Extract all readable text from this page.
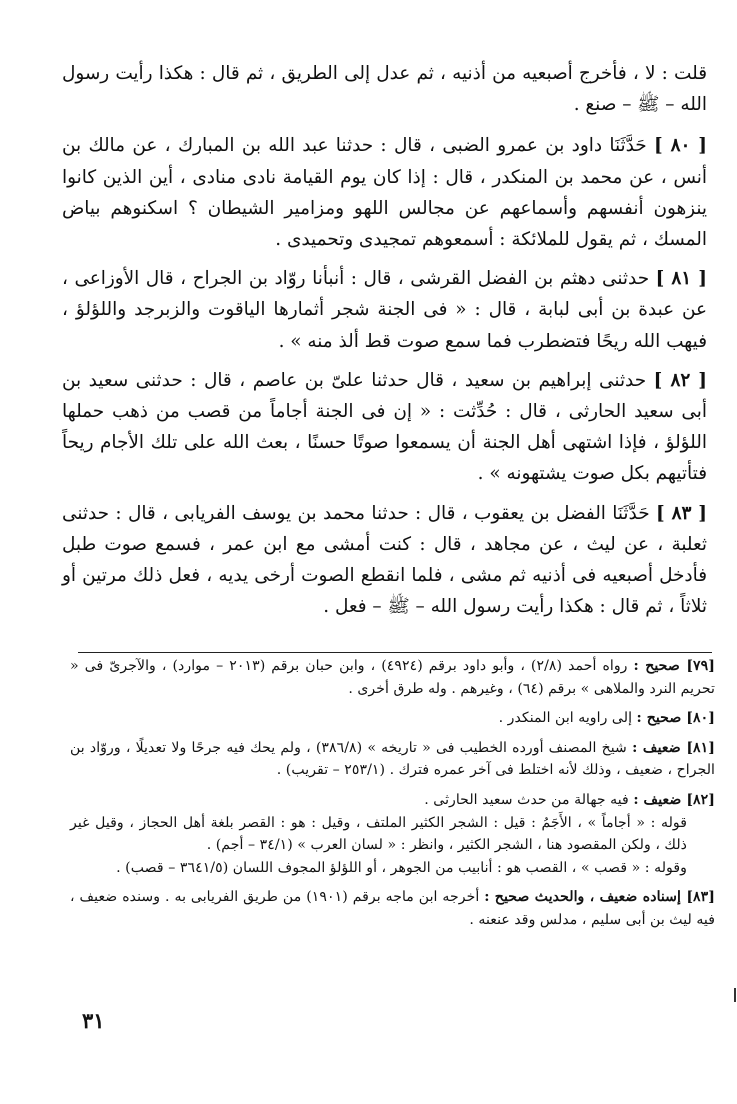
قلت : لا ، فأخرج أصبعيه من أذنيه ، ثم عدل إلى الطريق ، ثم قال : هكذا رأيت رسول الله – ﷺ – صنع .

[ ٨٠ ] حَدَّثَنَا داود بن عمرو الضبى ، قال : حدثنا عبد الله بن المبارك ، عن مالك بن أنس ، عن محمد بن المنكدر ، قال : إذا كان يوم القيامة نادى منادى ، أين الذين كانوا ينزهون أنفسهم وأسماعهم عن مجالس اللهو ومزامير الشيطان ؟ اسكنوهم بياض المسك ، ثم يقول للملائكة : أسمعوهم تمجيدى وتحميدى .

[ ٨١ ] حدثنى دهثم بن الفضل القرشى ، قال : أنبأنا روّاد بن الجراح ، قال الأوزاعى ، عن عبدة بن أبى لبابة ، قال : « فى الجنة شجر أثمارها الياقوت والزبرجد واللؤلؤ ، فيهب الله ريحًا فتضطرب فما سمع صوت قط ألذ منه » .

[ ٨٢ ] حدثنى إبراهيم بن سعيد ، قال حدثنا علىّ بن عاصم ، قال : حدثنى سعيد بن أبى سعيد الحارثى ، قال : حُدِّثت : « إن فى الجنة أجاماً من قصب من ذهب حملها اللؤلؤ ، فإذا اشتهى أهل الجنة أن يسمعوا صوتًا حسنًا ، بعث الله على تلك الأجام ريحاً فتأتيهم بكل صوت يشتهونه » .

[ ٨٣ ] حَدَّثَنَا الفضل بن يعقوب ، قال : حدثنا محمد بن يوسف الفريابى ، قال : حدثنى ثعلبة ، عن ليث ، عن مجاهد ، قال : كنت أمشى مع ابن عمر ، فسمع صوت طبل فأدخل أصبعيه فى أذنيه ثم مشى ، فلما انقطع الصوت أرخى يديه ، فعل ذلك مرتين أو ثلاثاً ، ثم قال : هكذا رأيت رسول الله – ﷺ – فعل .

[٧٩] صحيح : رواه أحمد (٢/٨) ، وأبو داود برقم (٤٩٢٤) ، وابن حبان برقم (٢٠١٣ – موارد) ، والآجرىّ فى « تحريم النرد والملاهى » برقم (٦٤) ، وغيرهم . وله طرق أخرى .

[٨٠] صحيح : إلى راويه ابن المنكدر .

[٨١] ضعيف : شيخ المصنف أورده الخطيب فى « تاريخه » (٣٨٦/٨) ، ولم يحك فيه جرحًا ولا تعديلًا ، وروّاد بن الجراح ، ضعيف ، وذلك لأنه اختلط فى آخر عمره فترك . (٢٥٣/١ – تقريب) .

[٨٢] ضعيف : فيه جهالة من حدث سعيد الحارثى .

قوله : « أجاماً » ، الأَجَمُ : قيل : الشجر الكثير الملتف ، وقيل : هو : القصر بلغة أهل الحجاز ، وقيل غير ذلك ، ولكن المقصود هنا ، الشجر الكثير ، وانظر : « لسان العرب » (٣٤/١ – أجم) .

وقوله : « قصب » ، القصب هو : أنابيب من الجوهر ، أو اللؤلؤ المجوف اللسان (٣٦٤١/٥ – قصب) .

[٨٣] إسناده ضعيف ، والحديث صحيح : أخرجه ابن ماجه برقم (١٩٠١) من طريق الفريابى به . وسنده ضعيف ، فيه ليث بن أبى سليم ، مدلس وقد عنعنه .

٣١
